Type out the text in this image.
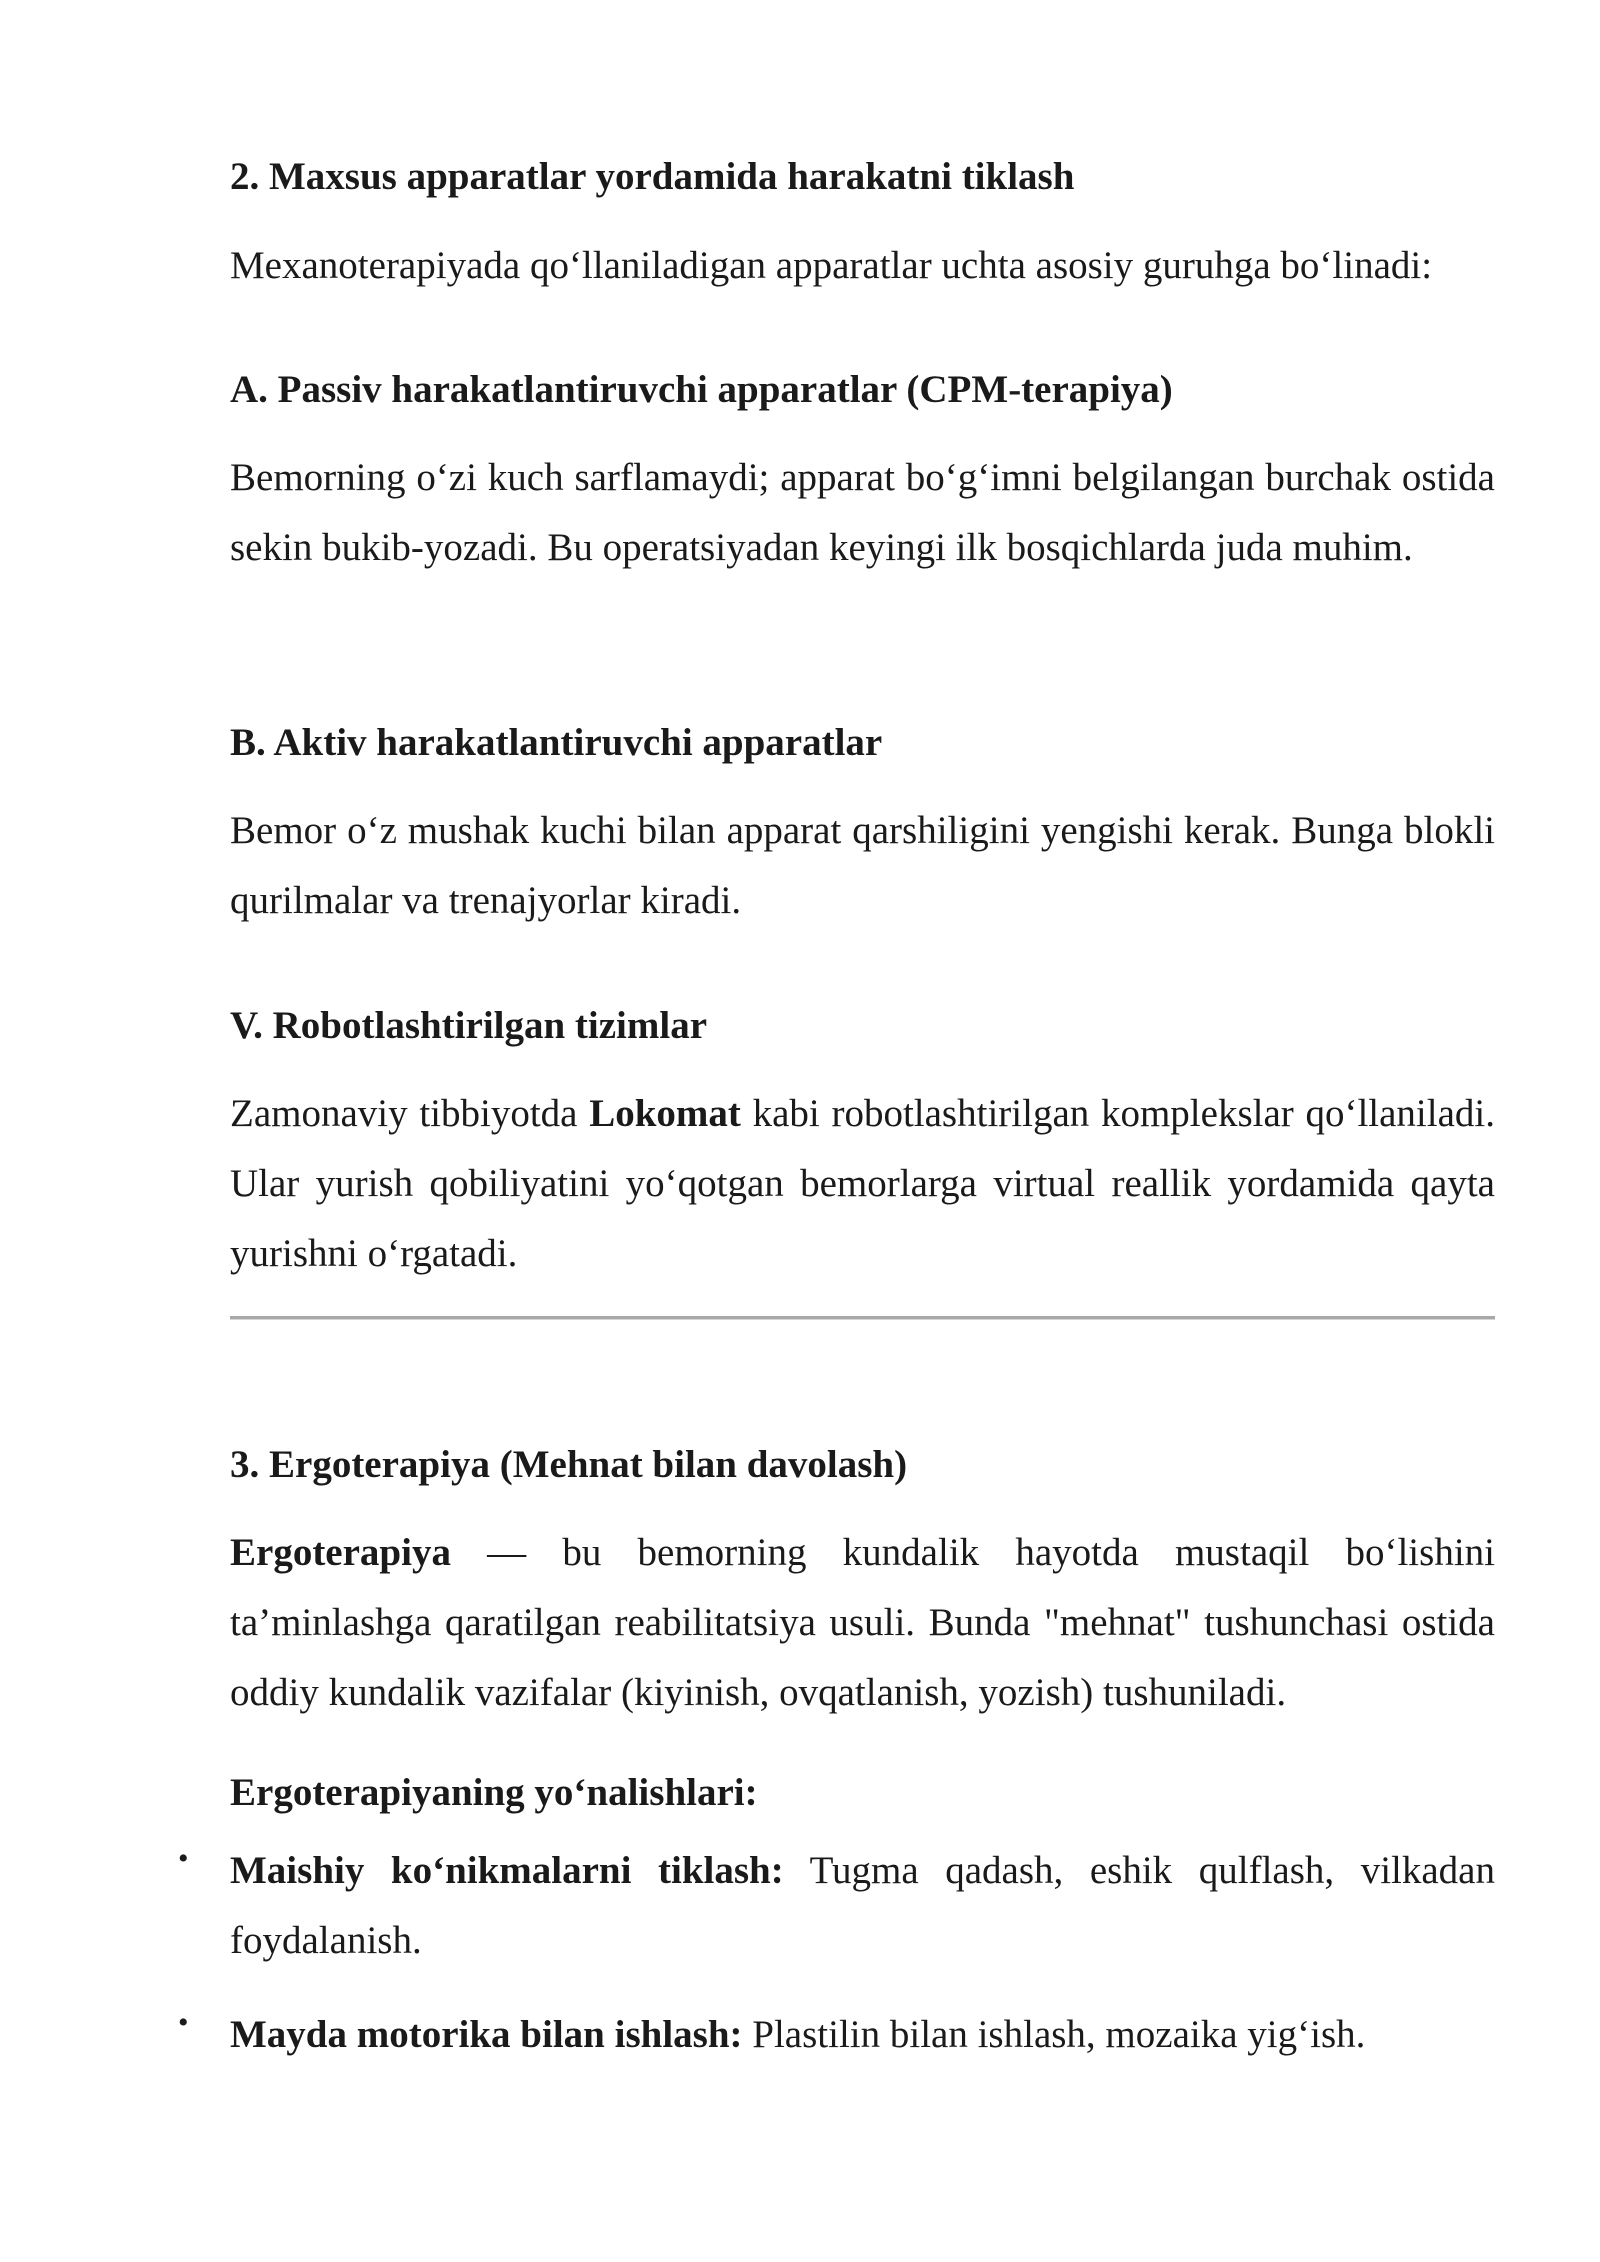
2. Maxsus apparatlar yordamida harakatni tiklash

Mexanoterapiyada qo‘llaniladigan apparatlar uchta asosiy guruhga bo‘linadi:

A. Passiv harakatlantiruvchi apparatlar (CPM-terapiya)

Bemorning o‘zi kuch sarflamaydi; apparat bo‘g‘imni belgilangan burchak ostida sekin bukib-yozadi. Bu operatsiyadan keyingi ilk bosqichlarda juda muhim.

B. Aktiv harakatlantiruvchi apparatlar

Bemor o‘z mushak kuchi bilan apparat qarshiligini yengishi kerak. Bunga blokli qurilmalar va trenajyorlar kiradi.

V. Robotlashtirilgan tizimlar

Zamonaviy tibbiyotda Lokomat kabi robotlashtirilgan komplekslar qo‘llaniladi. Ular yurish qobiliyatini yo‘qotgan bemorlarga virtual reallik yordamida qayta yurishni o‘rgatadi.

3. Ergoterapiya (Mehnat bilan davolash)

Ergoterapiya — bu bemorning kundalik hayotda mustaqil bo‘lishini ta’minlashga qaratilgan reabilitatsiya usuli. Bunda "mehnat" tushunchasi ostida oddiy kundalik vazifalar (kiyinish, ovqatlanish, yozish) tushuniladi.

Ergoterapiyaning yo‘nalishlari:

• Maishiy ko‘nikmalarni tiklash: Tugma qadash, eshik qulflash, vilkadan foydalanish.

• Mayda motorika bilan ishlash: Plastilin bilan ishlash, mozaika yig‘ish.
